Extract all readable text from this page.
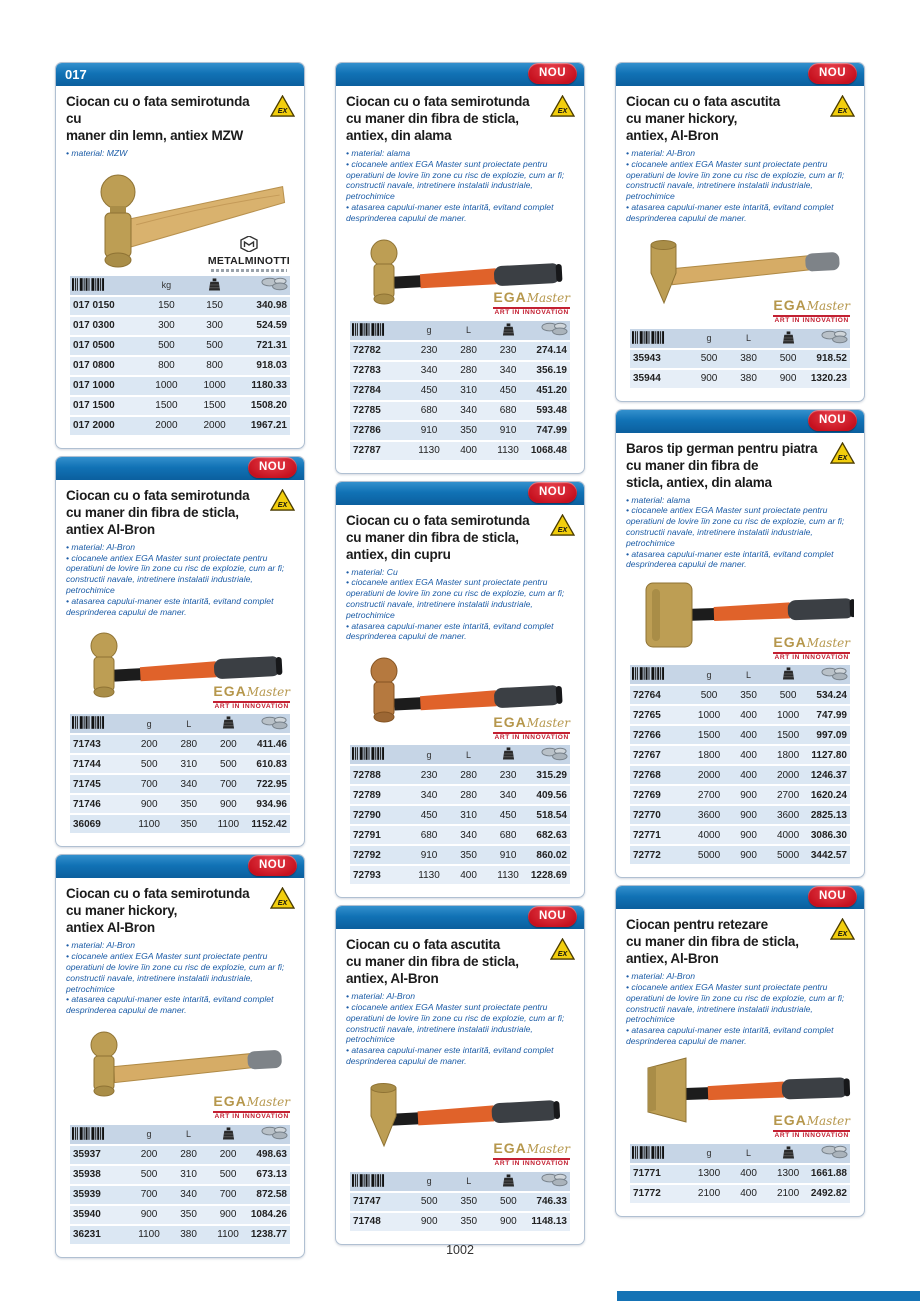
017
EX
Ciocan cu o fata semirotunda cu
maner din lemn, antiex MZW
• material: MZW
METALMINOTTI
	kg		
017 0150	150	150	340.98
017 0300	300	300	524.59
017 0500	500	500	721.31
017 0800	800	800	918.03
017 1000	1000	1000	1180.33
017 1500	1500	1500	1508.20
017 2000	2000	2000	1967.21
NOU
EX
Ciocan cu o fata semirotunda
cu maner din fibra de sticla,
antiex Al-Bron
• material: Al-Bron
• ciocanele antiex EGA Master sunt proiectate pentru operatiuni de lovire îin zone cu risc de explozie, cum ar fi; constructii navale, intretinere instalatii industriale, petrochimice
• atasarea capului-maner este intarită, evitand complet desprinderea capului de maner.
EGAMaster
ART IN INNOVATION
	g	L		
71743	200	280	200	411.46
71744	500	310	500	610.83
71745	700	340	700	722.95
71746	900	350	900	934.96
36069	1100	350	1100	1152.42
NOU
EX
Ciocan cu o fata semirotunda
cu maner hickory,
antiex Al-Bron
• material: Al-Bron
• ciocanele antiex EGA Master sunt proiectate pentru operatiuni de lovire îin zone cu risc de explozie, cum ar fi; constructii navale, intretinere instalatii industriale, petrochimice
• atasarea capului-maner este intarită, evitand complet desprinderea capului de maner.
EGAMaster
ART IN INNOVATION
	g	L		
35937	200	280	200	498.63
35938	500	310	500	673.13
35939	700	340	700	872.58
35940	900	350	900	1084.26
36231	1100	380	1100	1238.77
NOU
EX
Ciocan cu o fata semirotunda
cu maner din fibra de sticla,
antiex, din alama
• material: alama
• ciocanele antiex EGA Master sunt proiectate pentru operatiuni de lovire îin zone cu risc de explozie, cum ar fi; constructii navale, intretinere instalatii industriale, petrochimice
• atasarea capului-maner este intarită, evitand complet desprinderea capului de maner.
EGAMaster
ART IN INNOVATION
	g	L		
72782	230	280	230	274.14
72783	340	280	340	356.19
72784	450	310	450	451.20
72785	680	340	680	593.48
72786	910	350	910	747.99
72787	1130	400	1130	1068.48
NOU
EX
Ciocan cu o fata semirotunda
cu maner din fibra de sticla,
antiex, din cupru
• material: Cu
• ciocanele antiex EGA Master sunt proiectate pentru operatiuni de lovire îin zone cu risc de explozie, cum ar fi; constructii navale, intretinere instalatii industriale, petrochimice
• atasarea capului-maner este intarită, evitand complet desprinderea capului de maner.
EGAMaster
ART IN INNOVATION
	g	L		
72788	230	280	230	315.29
72789	340	280	340	409.56
72790	450	310	450	518.54
72791	680	340	680	682.63
72792	910	350	910	860.02
72793	1130	400	1130	1228.69
NOU
EX
Ciocan cu o fata ascutita
cu maner din fibra de sticla,
antiex, Al-Bron
• material: Al-Bron
• ciocanele antiex EGA Master sunt proiectate pentru operatiuni de lovire îin zone cu risc de explozie, cum ar fi; constructii navale, intretinere instalatii industriale, petrochimice
• atasarea capului-maner este intarită, evitand complet desprinderea capului de maner.
EGAMaster
ART IN INNOVATION
	g	L		
71747	500	350	500	746.33
71748	900	350	900	1148.13
NOU
EX
Ciocan cu o fata ascutita
cu maner hickory,
antiex, Al-Bron
• material: Al-Bron
• ciocanele antiex EGA Master sunt proiectate pentru operatiuni de lovire îin zone cu risc de explozie, cum ar fi; constructii navale, intretinere instalatii industriale, petrochimice
• atasarea capului-maner este intarită, evitand complet desprinderea capului de maner.
EGAMaster
ART IN INNOVATION
	g	L		
35943	500	380	500	918.52
35944	900	380	900	1320.23
NOU
EX
Baros tip german pentru piatra
cu maner din fibra de
sticla, antiex, din alama
• material: alama
• ciocanele antiex EGA Master sunt proiectate pentru operatiuni de lovire îin zone cu risc de explozie, cum ar fi; constructii navale, intretinere instalatii industriale, petrochimice
• atasarea capului-maner este intarită, evitand complet desprinderea capului de maner.
EGAMaster
ART IN INNOVATION
	g	L		
72764	500	350	500	534.24
72765	1000	400	1000	747.99
72766	1500	400	1500	997.09
72767	1800	400	1800	1127.80
72768	2000	400	2000	1246.37
72769	2700	900	2700	1620.24
72770	3600	900	3600	2825.13
72771	4000	900	4000	3086.30
72772	5000	900	5000	3442.57
NOU
EX
Ciocan pentru retezare
cu maner din fibra de sticla,
antiex, Al-Bron
• material: Al-Bron
• ciocanele antiex EGA Master sunt proiectate pentru operatiuni de lovire îin zone cu risc de explozie, cum ar fi; constructii navale, intretinere instalatii industriale, petrochimice
• atasarea capului-maner este intarită, evitand complet desprinderea capului de maner.
EGAMaster
ART IN INNOVATION
	g	L		
71771	1300	400	1300	1661.88
71772	2100	400	2100	2492.82
1002
